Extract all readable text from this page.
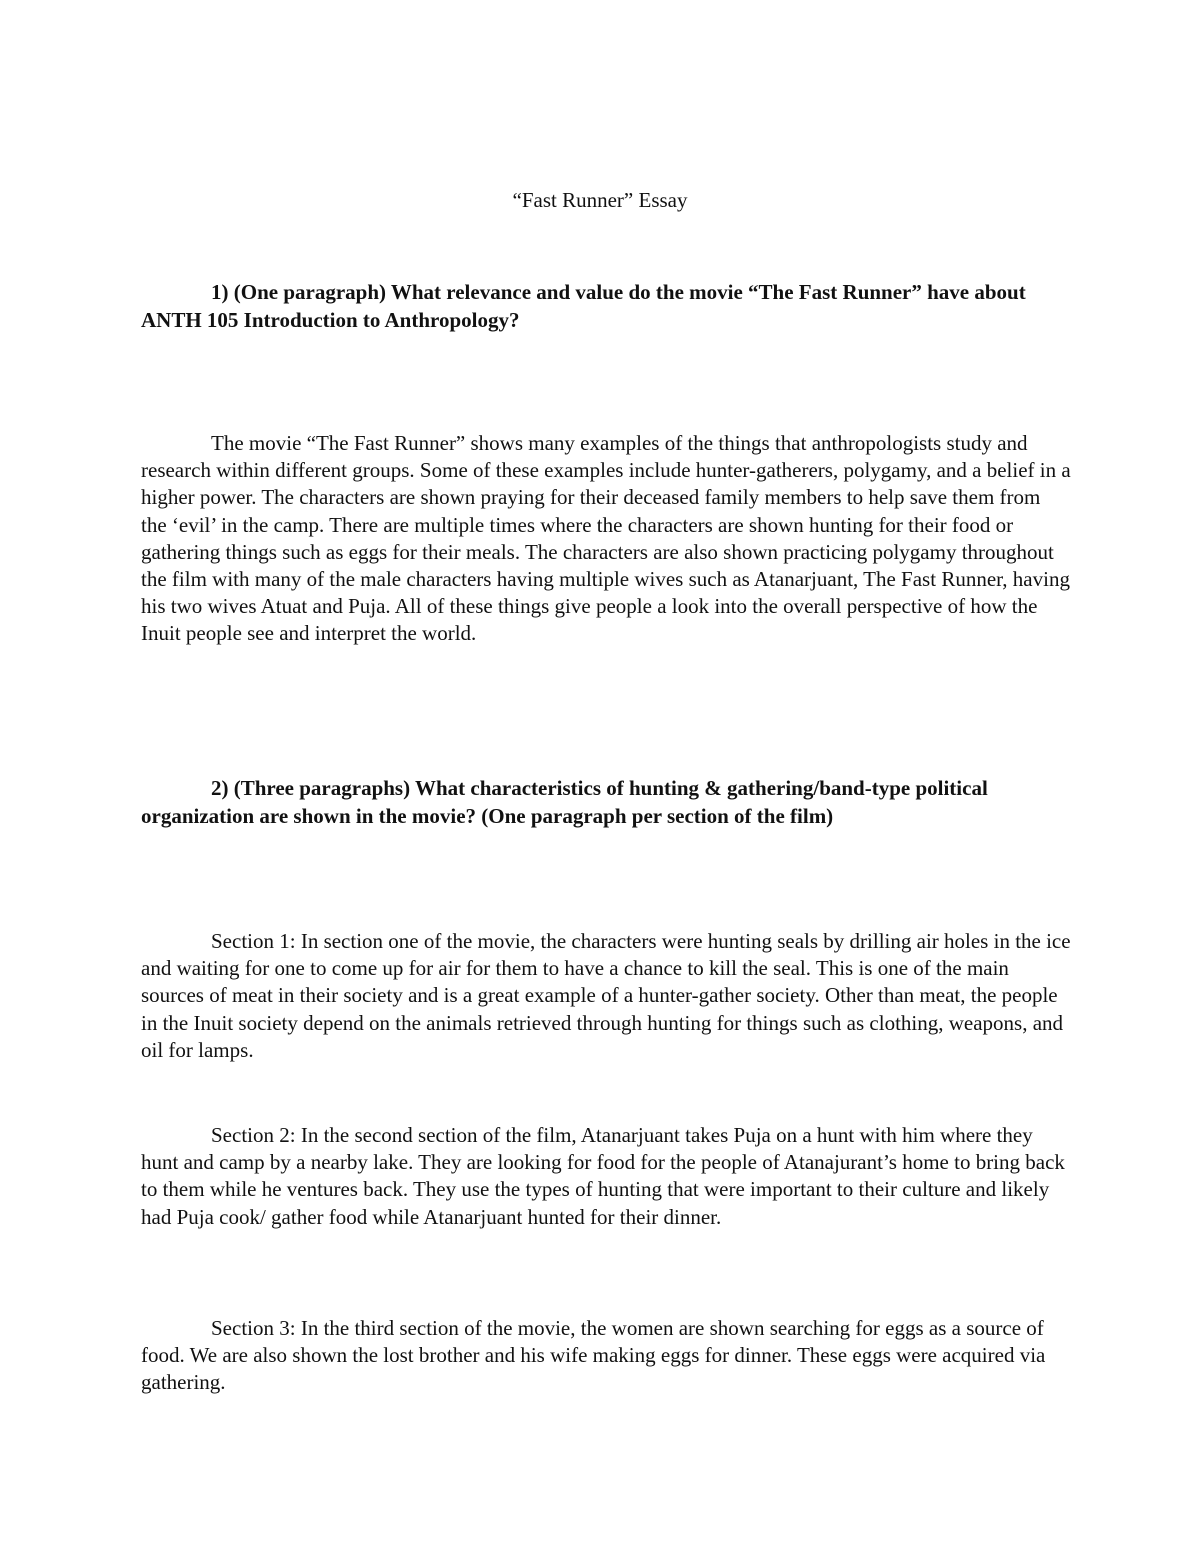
“Fast Runner” Essay

1) (One paragraph) What relevance and value do the movie “The Fast Runner” have about ANTH 105 Introduction to Anthropology?

The movie “The Fast Runner” shows many examples of the things that anthropologists study and research within different groups. Some of these examples include hunter-gatherers, polygamy, and a belief in a higher power. The characters are shown praying for their deceased family members to help save them from the ‘evil’ in the camp. There are multiple times where the characters are shown hunting for their food or gathering things such as eggs for their meals. The characters are also shown practicing polygamy throughout the film with many of the male characters having multiple wives such as Atanarjuant, The Fast Runner, having his two wives Atuat and Puja. All of these things give people a look into the overall perspective of how the Inuit people see and interpret the world.

2) (Three paragraphs) What characteristics of hunting & gathering/band-type political organization are shown in the movie? (One paragraph per section of the film)

Section 1: In section one of the movie, the characters were hunting seals by drilling air holes in the ice and waiting for one to come up for air for them to have a chance to kill the seal. This is one of the main sources of meat in their society and is a great example of a hunter-gather society. Other than meat, the people in the Inuit society depend on the animals retrieved through hunting for things such as clothing, weapons, and oil for lamps.

Section 2: In the second section of the film, Atanarjuant takes Puja on a hunt with him where they hunt and camp by a nearby lake. They are looking for food for the people of Atanajurant’s home to bring back to them while he ventures back. They use the types of hunting that were important to their culture and likely had Puja cook/ gather food while Atanarjuant hunted for their dinner.

Section 3: In the third section of the movie, the women are shown searching for eggs as a source of food. We are also shown the lost brother and his wife making eggs for dinner. These eggs were acquired via gathering.
